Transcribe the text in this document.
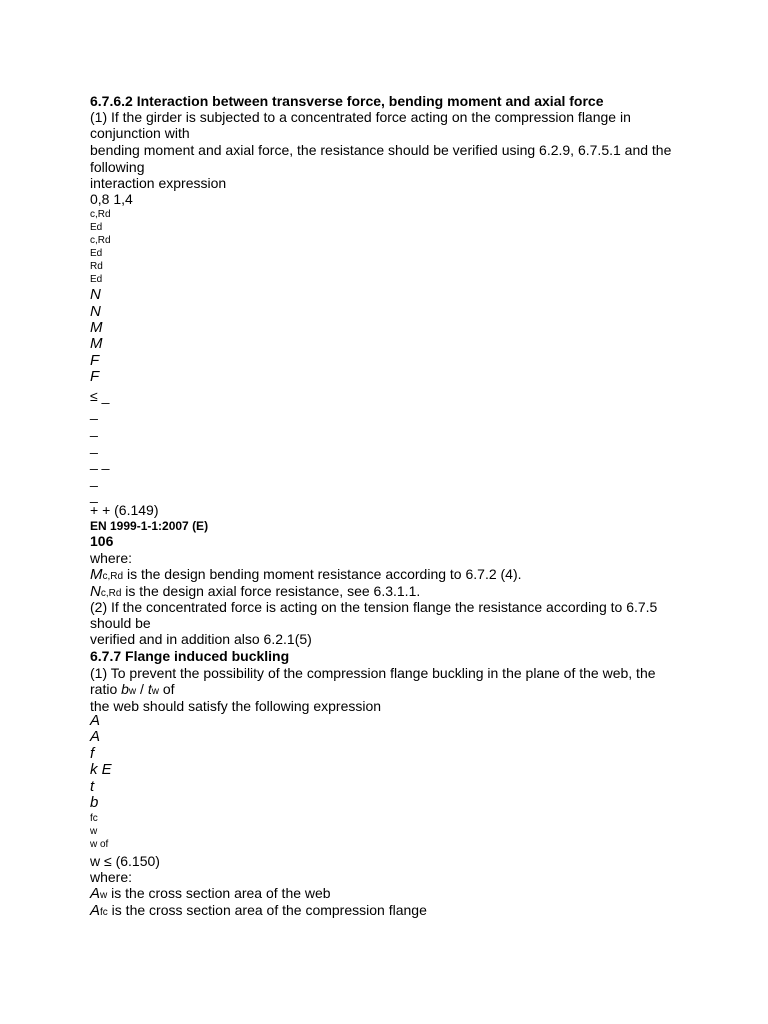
6.7.6.2 Interaction between transverse force, bending moment and axial force
(1) If the girder is subjected to a concentrated force acting on the compression flange in
conjunction with
bending moment and axial force, the resistance should be verified using 6.2.9, 6.7.5.1 and the
following
interaction expression
0,8 1,4
c,Rd
Ed
c,Rd
Ed
Rd
Ed
N
N
M
M
F
F
≤ _
_
_
_
_ _
_
_
+ + (6.149)
EN 1999-1-1:2007 (E)
106
where:
Mc,Rd is the design bending moment resistance according to 6.7.2 (4).
Nc,Rd is the design axial force resistance, see 6.3.1.1.
(2) If the concentrated force is acting on the tension flange the resistance according to 6.7.5
should be
verified and in addition also 6.2.1(5)
6.7.7 Flange induced buckling
(1) To prevent the possibility of the compression flange buckling in the plane of the web, the
ratio bw / tw of
the web should satisfy the following expression
A
A
f
k E
t
b
fc
w
w of
w ≤ (6.150)
where:
Aw is the cross section area of the web
Afc is the cross section area of the compression flange
